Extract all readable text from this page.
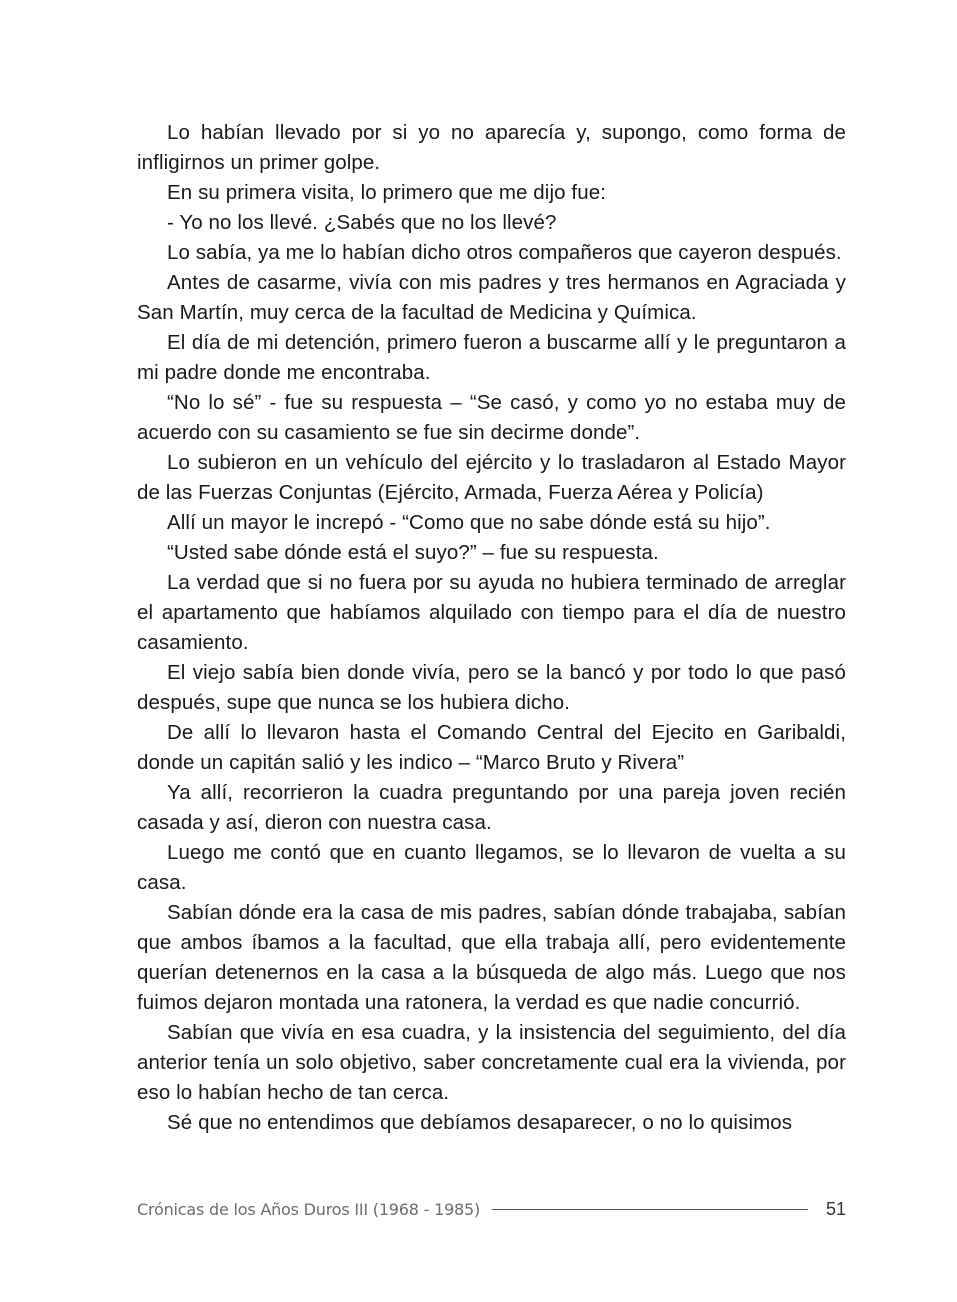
Lo habían llevado por si yo no aparecía y, supongo, como forma de infligirnos un primer golpe.

En su primera visita, lo primero que me dijo fue:

- Yo no los llevé. ¿Sabés que no los llevé?

Lo sabía, ya me lo habían dicho otros compañeros que cayeron después.

Antes de casarme, vivía con mis padres y tres hermanos en Agraciada y San Martín, muy cerca de la facultad de Medicina y Química.

El día de mi detención, primero fueron a buscarme allí y le preguntaron a mi padre donde me encontraba.

“No lo sé” - fue su respuesta – “Se casó, y como yo no estaba muy de acuerdo con su casamiento se fue sin decirme donde”.

Lo subieron en un vehículo del ejército y lo trasladaron al Estado Mayor de las Fuerzas Conjuntas (Ejército, Armada, Fuerza Aérea y Policía)

Allí un mayor le increpó - “Como que no sabe dónde está su hijo”.

“Usted sabe dónde está el suyo?” – fue su respuesta.

La verdad que si no fuera por su ayuda no hubiera terminado de arreglar el apartamento que habíamos alquilado con tiempo para el día de nuestro casamiento.

El viejo sabía bien donde vivía, pero se la bancó y por todo lo que pasó después, supe que nunca se los hubiera dicho.

De allí lo llevaron hasta el Comando Central del Ejecito en Garibaldi, donde un capitán salió y les indico – “Marco Bruto y Rivera”

Ya allí, recorrieron la cuadra preguntando por una pareja joven recién casada y así, dieron con nuestra casa.

Luego me contó que en cuanto llegamos, se lo llevaron de vuelta a su casa.

Sabían dónde era la casa de mis padres, sabían dónde trabajaba, sabían que ambos íbamos a la facultad, que ella trabaja allí, pero evidentemente querían detenernos en la casa a la búsqueda de algo más. Luego que nos fuimos dejaron montada una ratonera, la verdad es que nadie concurrió.

Sabían que vivía en esa cuadra, y la insistencia del seguimiento, del día anterior tenía un solo objetivo, saber concretamente cual era la vivienda, por eso lo habían hecho de tan cerca.

Sé que no entendimos que debíamos desaparecer, o no lo quisimos

Crónicas de los Años Duros III (1968 - 1985)	51
